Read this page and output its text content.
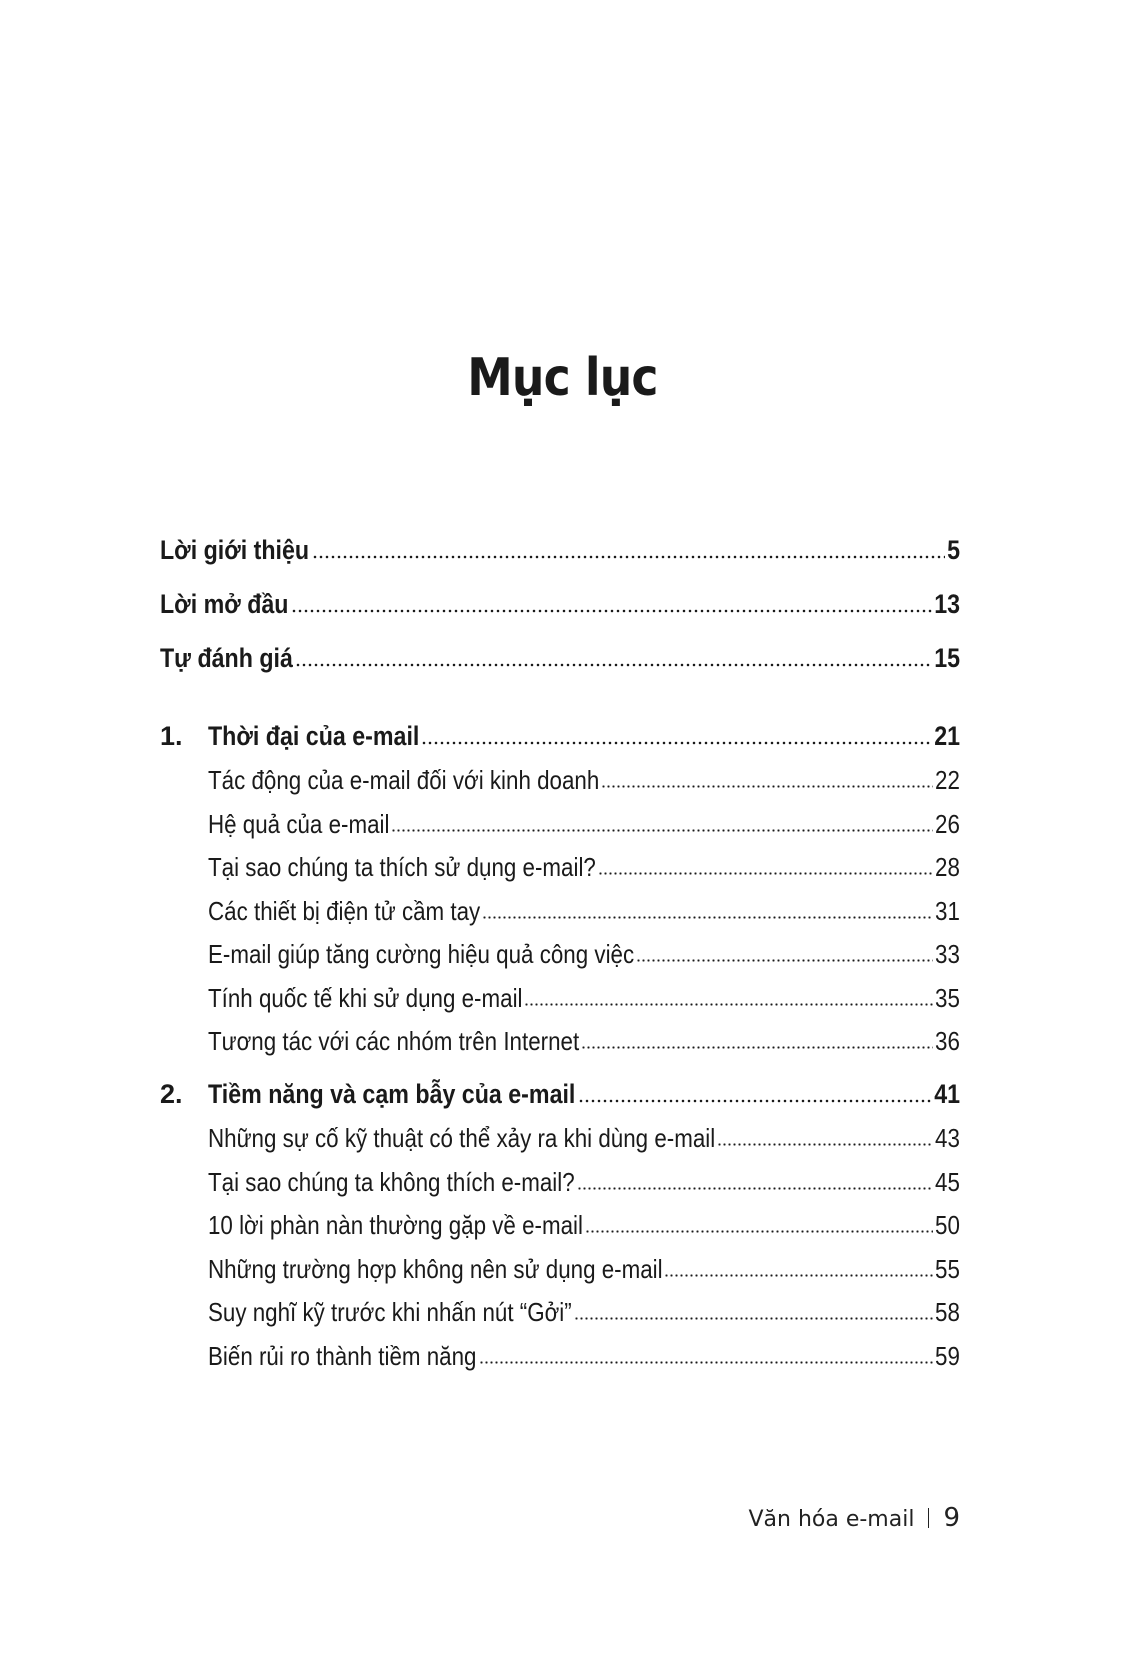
Mục lục
Lời giới thiệu	5
Lời mở đầu	13
Tự đánh giá	15
1. Thời đại của e-mail	21
Tác động của e-mail đối với kinh doanh	22
Hệ quả của e-mail	26
Tại sao chúng ta thích sử dụng e-mail?	28
Các thiết bị điện tử cầm tay	31
E-mail giúp tăng cường hiệu quả công việc	33
Tính quốc tế khi sử dụng e-mail	35
Tương tác với các nhóm trên Internet	36
2. Tiềm năng và cạm bẫy của e-mail	41
Những sự cố kỹ thuật có thể xảy ra khi dùng e-mail	43
Tại sao chúng ta không thích e-mail?	45
10 lời phàn nàn thường gặp về e-mail	50
Những trường hợp không nên sử dụng e-mail	55
Suy nghĩ kỹ trước khi nhấn nút “Gởi”	58
Biến rủi ro thành tiềm năng	59
Văn hóa e-mail 9
